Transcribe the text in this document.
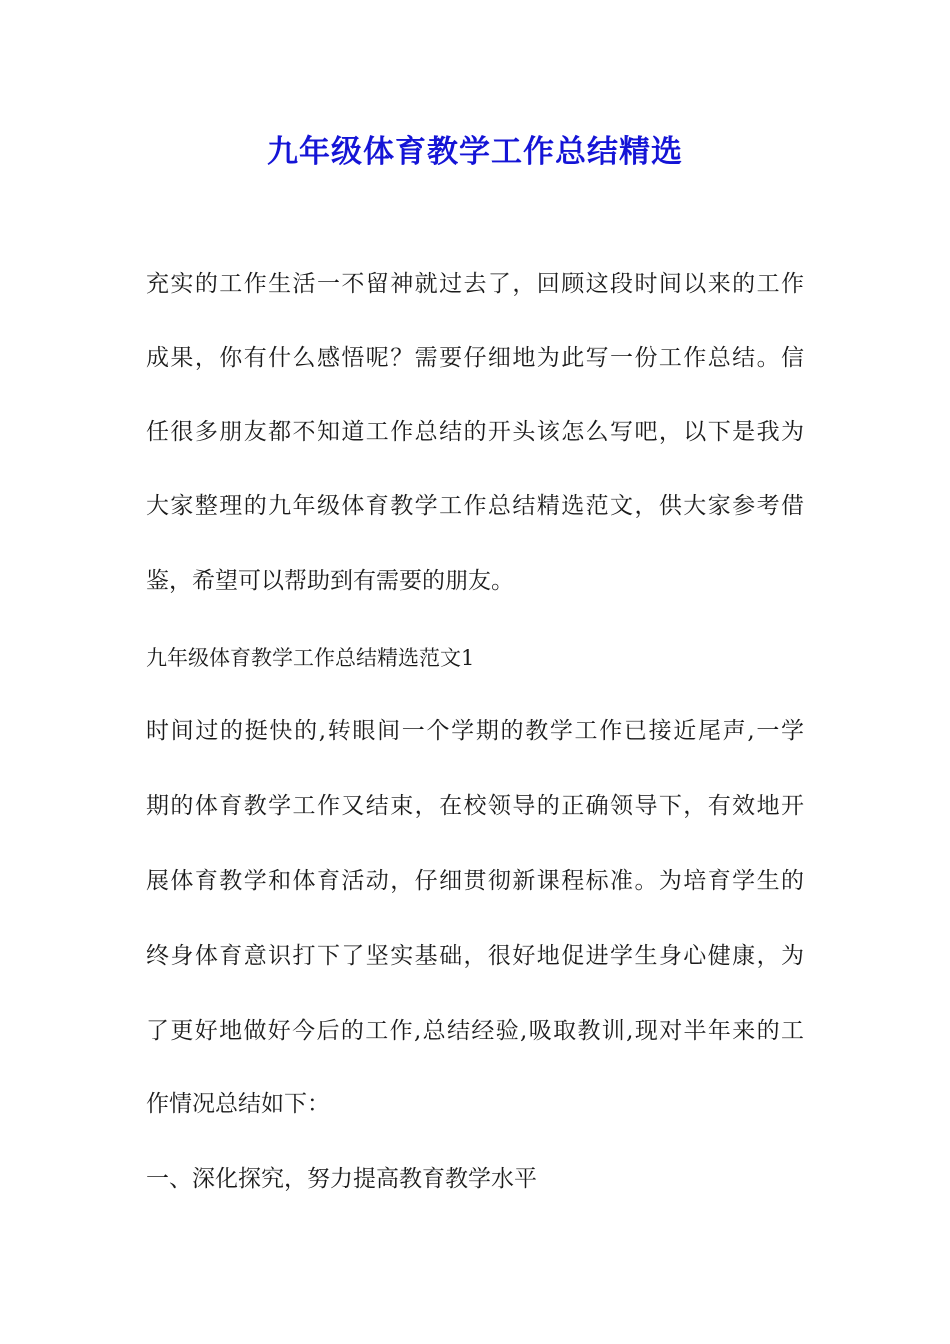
九年级体育教学工作总结精选
充实的工作生活一不留神就过去了，回顾这段时间以来的工作
成果，你有什么感悟呢？需要仔细地为此写一份工作总结。信
任很多朋友都不知道工作总结的开头该怎么写吧，以下是我为
大家整理的九年级体育教学工作总结精选范文，供大家参考借
鉴，希望可以帮助到有需要的朋友。
九年级体育教学工作总结精选范文1
时间过的挺快的,转眼间一个学期的教学工作已接近尾声,一学
期的体育教学工作又结束，在校领导的正确领导下，有效地开
展体育教学和体育活动，仔细贯彻新课程标准。为培育学生的
终身体育意识打下了坚实基础，很好地促进学生身心健康，为
了更好地做好今后的工作,总结经验,吸取教训,现对半年来的工
作情况总结如下：
一、深化探究，努力提高教育教学水平
